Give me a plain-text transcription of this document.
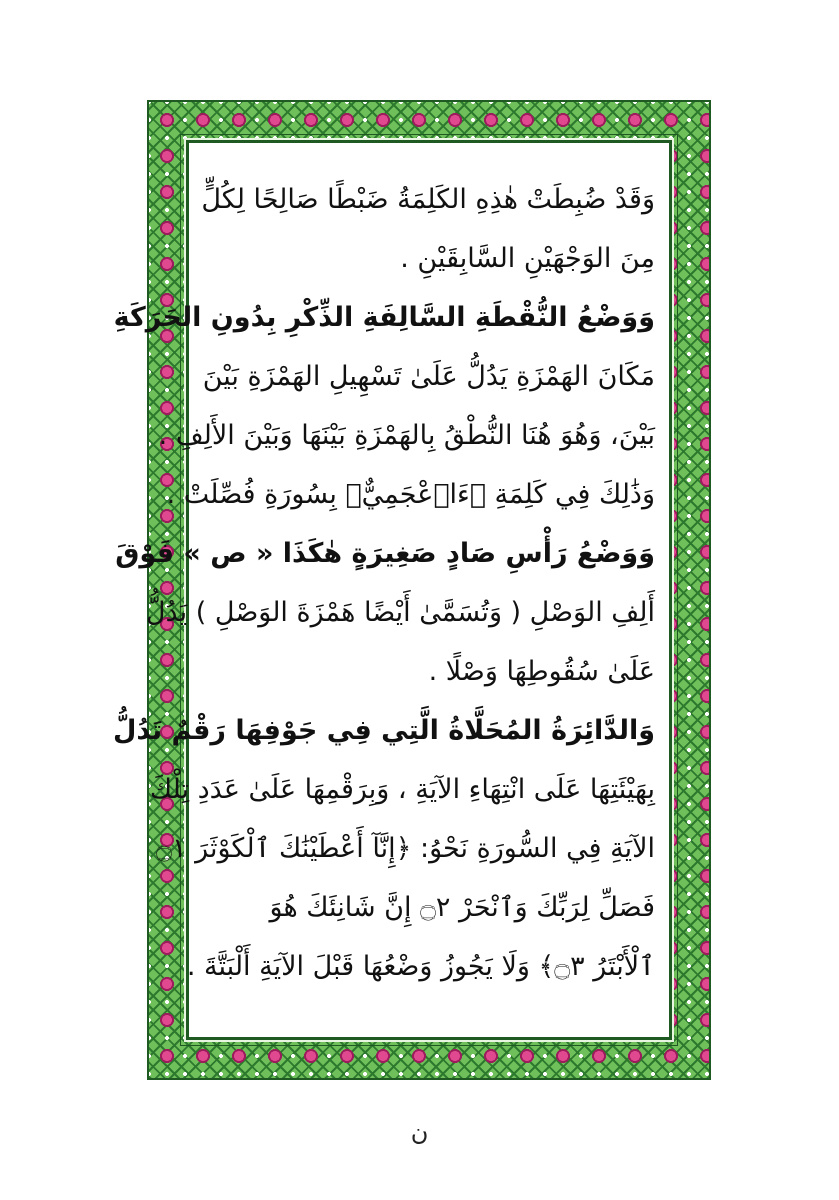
وَقَدْ ضُبِطَتْ هٰذِهِ الكَلِمَةُ ضَبْطًا صَالِحًا لِكُلٍّ
مِنَ الوَجْهَيْنِ السَّابِقَيْنِ .
وَوَضْعُ النُّقْطَةِ السَّالِفَةِ الذِّكْرِ بِدُونِ الحَرَكَةِ
مَكَانَ الهَمْزَةِ يَدُلُّ عَلَىٰ تَسْهِيلِ الهَمْزَةِ بَيْنَ
بَيْنَ، وَهُوَ هُنَا النُّطْقُ بِالهَمْزَةِ بَيْنَهَا وَبَيْنَ الأَلِفِ .
وَذَٰلِكَ فِي كَلِمَةِ ﴿ءَا۬عْجَمِيٌّ﴾ بِسُورَةِ فُصِّلَتْ .
وَوَضْعُ رَأْسِ صَادٍ صَغِيرَةٍ هٰكَذَا « ص » فَوْقَ
أَلِفِ الوَصْلِ ( وَتُسَمَّىٰ أَيْضًا هَمْزَةَ الوَصْلِ ) يَدُلُّ
عَلَىٰ سُقُوطِهَا وَصْلًا .
وَالدَّائِرَةُ المُحَلَّاةُ الَّتِي فِي جَوْفِهَا رَقْمٌ تَدُلُّ
بِهَيْئَتِهَا عَلَى انْتِهَاءِ الآيَةِ ، وَبِرَقْمِهَا عَلَىٰ عَدَدِ تِلْكَ
الآيَةِ فِي السُّورَةِ نَحْوُ: ﴿إِنَّآ أَعْطَيْنَٰكَ ٱلْكَوْثَرَ ۝١
فَصَلِّ لِرَبِّكَ وَٱنْحَرْ ۝٢ إِنَّ شَانِئَكَ هُوَ
ٱلْأَبْتَرُ ۝٣﴾ وَلَا يَجُوزُ وَضْعُهَا قَبْلَ الآيَةِ أَلْبَتَّةَ .
ن
